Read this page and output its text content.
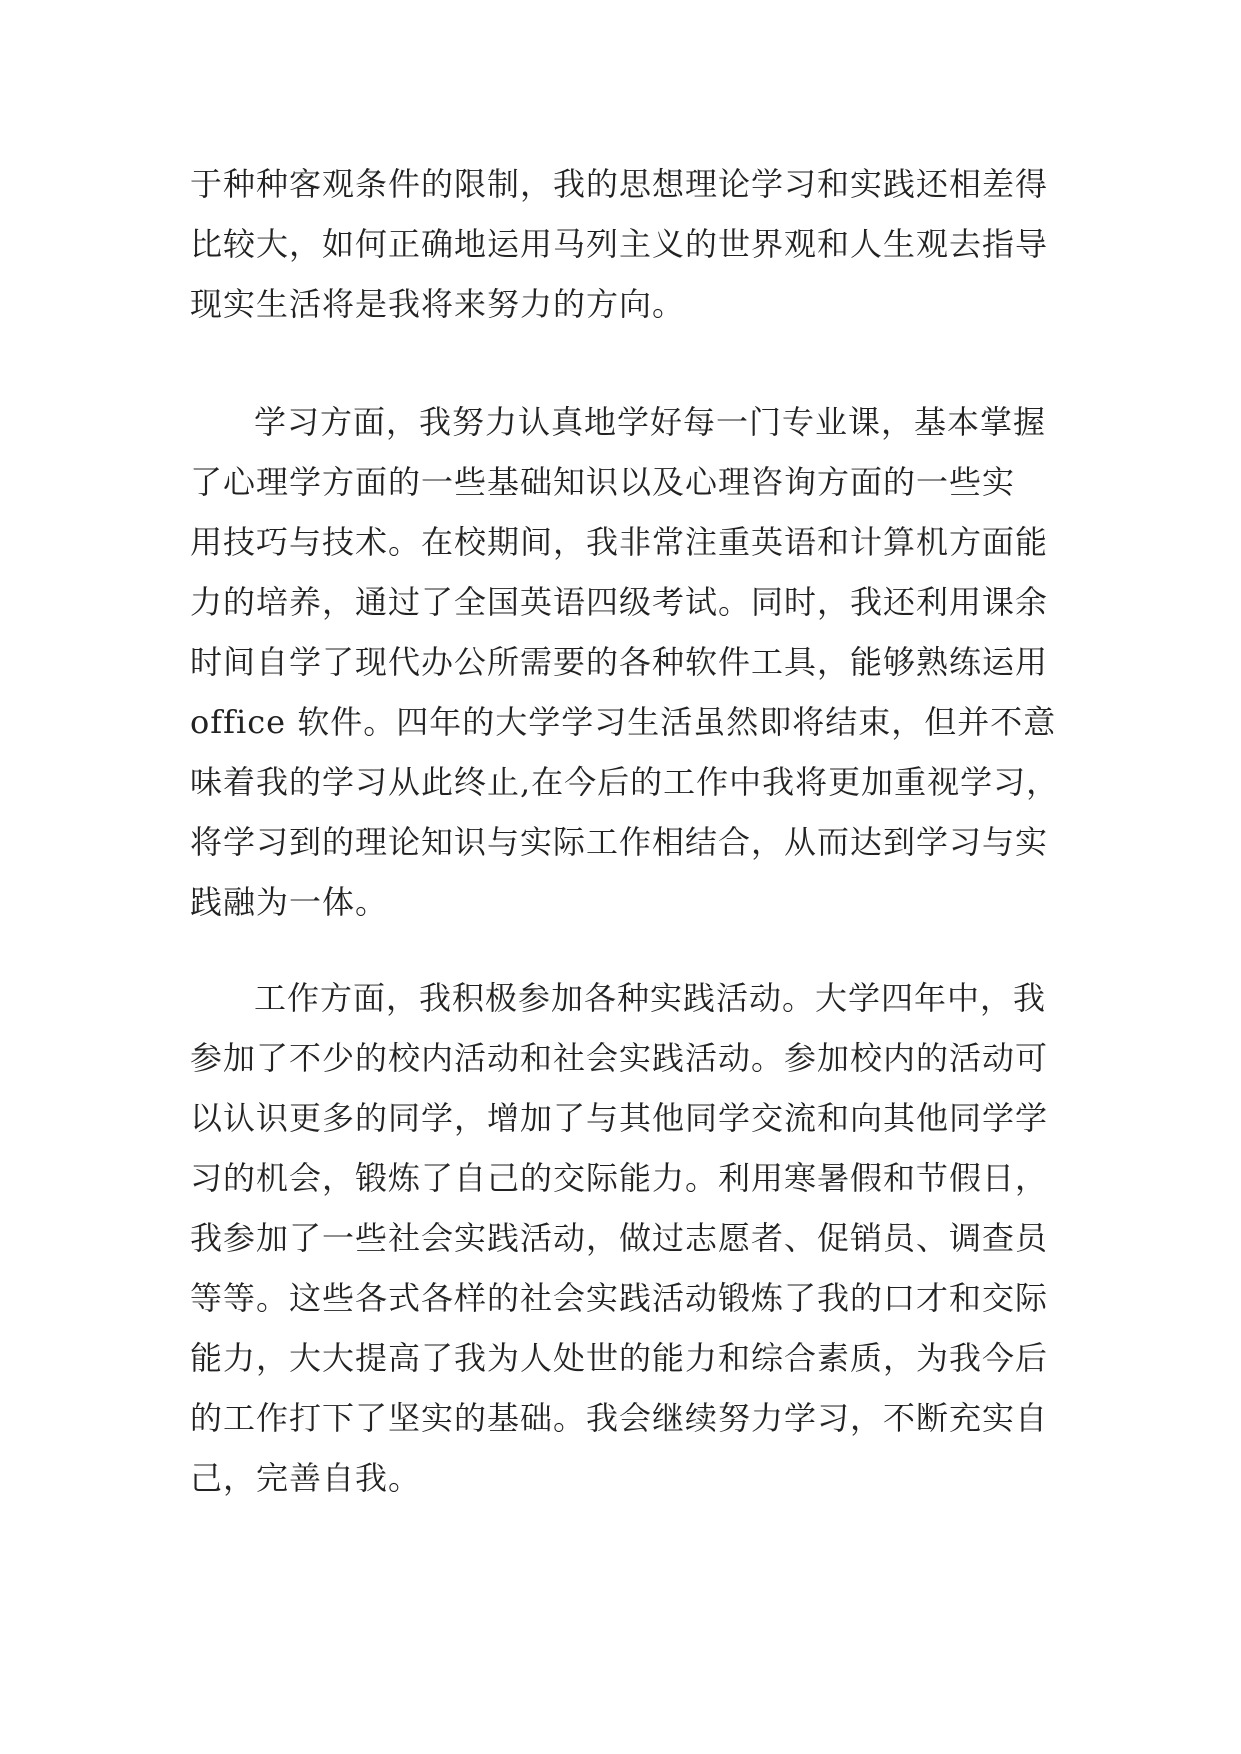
于种种客观条件的限制，我的思想理论学习和实践还相差得
比较大，如何正确地运用马列主义的世界观和人生观去指导
现实生活将是我将来努力的方向。
学习方面，我努力认真地学好每一门专业课，基本掌握
了心理学方面的一些基础知识以及心理咨询方面的一些实
用技巧与技术。在校期间，我非常注重英语和计算机方面能
力的培养，通过了全国英语四级考试。同时，我还利用课余
时间自学了现代办公所需要的各种软件工具，能够熟练运用
office 软件。四年的大学学习生活虽然即将结束，但并不意
味着我的学习从此终止,在今后的工作中我将更加重视学习，
将学习到的理论知识与实际工作相结合，从而达到学习与实
践融为一体。
工作方面，我积极参加各种实践活动。大学四年中，我
参加了不少的校内活动和社会实践活动。参加校内的活动可
以认识更多的同学，增加了与其他同学交流和向其他同学学
习的机会，锻炼了自己的交际能力。利用寒暑假和节假日，
我参加了一些社会实践活动，做过志愿者、促销员、调查员
等等。这些各式各样的社会实践活动锻炼了我的口才和交际
能力，大大提高了我为人处世的能力和综合素质，为我今后
的工作打下了坚实的基础。我会继续努力学习，不断充实自
己，完善自我。
